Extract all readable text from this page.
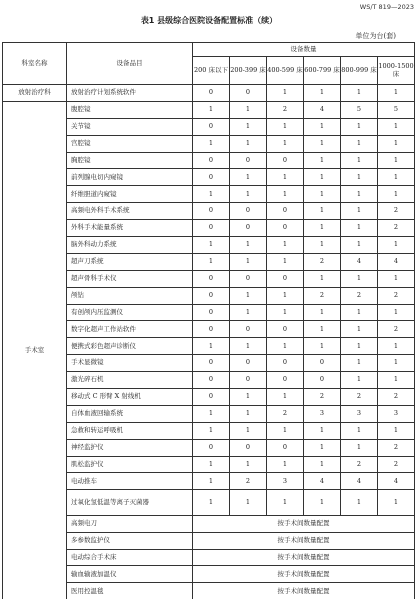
WS/T 819—2023
表1 县级综合医院设备配置标准（续）
单位为台(套)
科室名称	设备品目	设备数量					
		200 床以下	200-399 床	400-599 床	600-799 床	800-999 床	1000-1500 床
放射治疗科	放射治疗计划系统软件	0	0	1	1	1	1
手术室	腹腔镜	1	1	2	4	5	5
	关节镜	0	1	1	1	1	1
	宫腔镜	1	1	1	1	1	1
	胸腔镜	0	0	0	1	1	1
	前列腺电切内窥镜	0	1	1	1	1	1
	纤维胆道内窥镜	1	1	1	1	1	1
	高频电外科手术系统	0	0	0	1	1	2
	外科手术能量系统	0	0	0	1	1	2
	脑外科动力系统	1	1	1	1	1	1
	超声刀系统	1	1	1	2	4	4
	超声骨科手术仪	0	0	0	1	1	1
	颅钻	0	1	1	2	2	2
	有创颅内压监测仪	0	1	1	1	1	1
	数字化超声工作站软件	0	0	0	1	1	2
	便携式彩色超声诊断仪	1	1	1	1	1	1
	手术显微镜	0	0	0	0	1	1
	激光碎石机	0	0	0	0	1	1
	移动式 C 形臂 X 射线机	0	1	1	2	2	2
	自体血液回输系统	1	1	2	3	3	3
	急救和转运呼吸机	1	1	1	1	1	1
	神经监护仪	0	0	0	1	1	2
	肌松监护仪	1	1	1	1	2	2
	电动推车	1	2	3	4	4	4
	过氧化氢低温等离子灭菌器	1	1	1	1	1	1
	高频电刀	按手术间数量配置					
	多参数监护仪	按手术间数量配置					
	电动综合手术床	按手术间数量配置					
	输血输液加温仪	按手术间数量配置					
	医用控温毯	按手术间数量配置					
